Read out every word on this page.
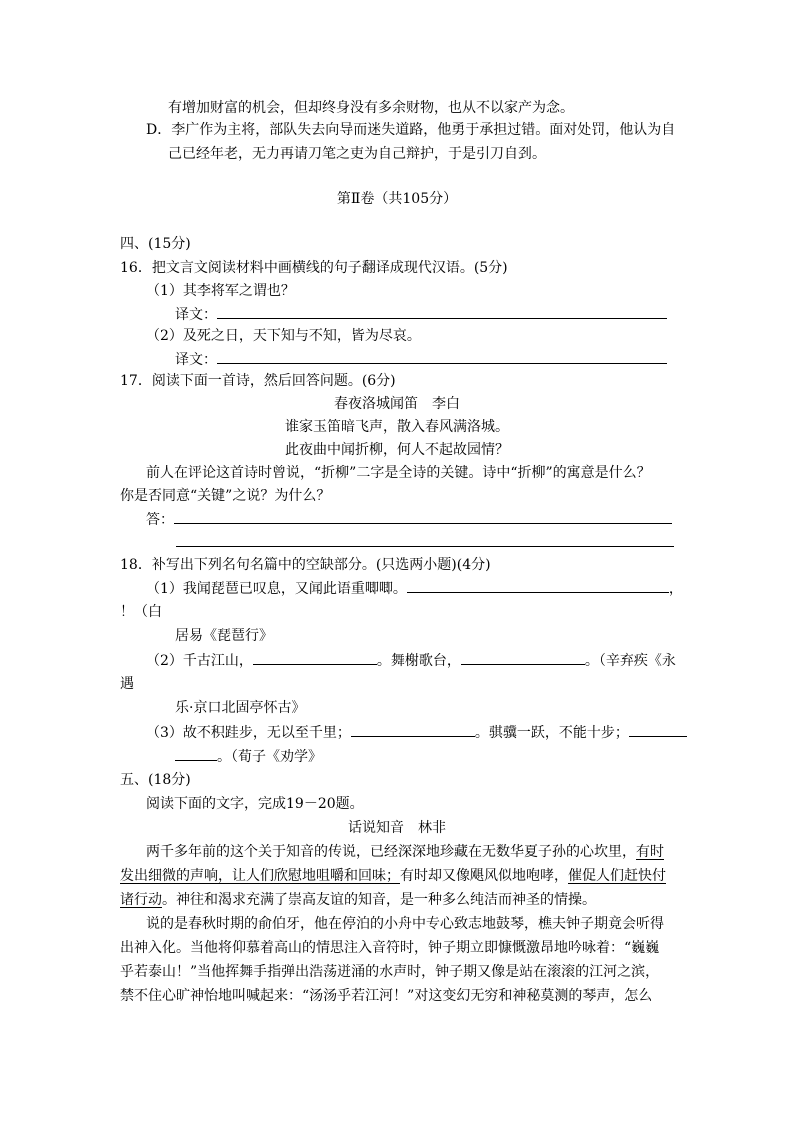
有增加财富的机会，但却终身没有多余财物，也从不以家产为念。
D．李广作为主将，部队失去向导而迷失道路，他勇于承担过错。面对处罚，他认为自
己已经年老，无力再请刀笔之吏为自己辩护，于是引刀自刭。
第Ⅱ卷（共105分）
四、(15分)
16．把文言文阅读材料中画横线的句子翻译成现代汉语。(5分)
（1）其李将军之谓也？
译文：
（2）及死之日，天下知与不知，皆为尽哀。
译文：
17．阅读下面一首诗，然后回答问题。(6分)
春夜洛城闻笛　李白
谁家玉笛暗飞声，散入春风满洛城。
此夜曲中闻折柳，何人不起故园情？
前人在评论这首诗时曾说，“折柳”二字是全诗的关键。诗中“折柳”的寓意是什么？
你是否同意“关键”之说？为什么？
答：
18．补写出下列名句名篇中的空缺部分。(只选两小题)(4分)
（1）我闻琵琶已叹息，又闻此语重唧唧。	，
！（白
居易《琵琶行》
（2）千古江山，	。舞榭歌台，	。（辛弃疾《永
遇
乐·京口北固亭怀古》
（3）故不积跬步，无以至千里；	。骐骥一跃，不能十步；
。（荀子《劝学》
五、(18分)
阅读下面的文字，完成19－20题。
话说知音　林非
两千多年前的这个关于知音的传说，已经深深地珍藏在无数华夏子孙的心坎里，有时
发出细微的声响，让人们欣慰地咀嚼和回味；有时却又像飓风似地咆哮，催促人们赶快付
诸行动。神往和渴求充满了崇高友谊的知音，是一种多么纯洁而神圣的情操。
说的是春秋时期的俞伯牙，他在停泊的小舟中专心致志地鼓琴，樵夫钟子期竟会听得
出神入化。当他将仰慕着高山的情思注入音符时，钟子期立即慷慨激昂地吟咏着：“巍巍
乎若泰山！”当他挥舞手指弹出浩荡迸涌的水声时，钟子期又像是站在滚滚的江河之滨，
禁不住心旷神怡地叫喊起来：“汤汤乎若江河！”对这变幻无穷和神秘莫测的琴声，怎么
